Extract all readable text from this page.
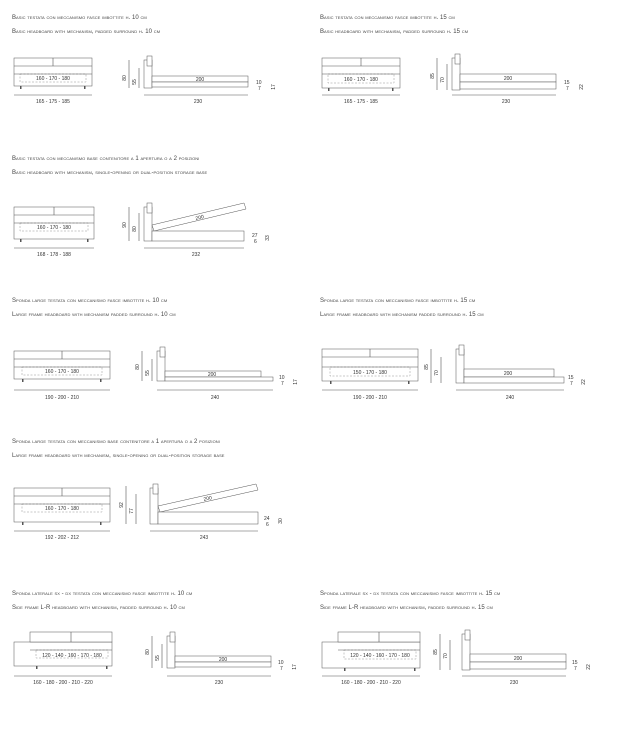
Basic testata con meccanismo fasce imbottite h. 10 cm
Basic headboard with mechanism, padded surround h. 10 cm
160 - 170 - 180
165 - 175 - 185
80
55	200
230
10
7 17
Basic testata con meccanismo fasce imbottite h. 15 cm
Basic headboard with mechanism, padded surround h. 15 cm
160 - 170 - 180
165 - 175 - 185
85
70	200
230
15
7 22
Basic testata con meccanismo base contenitore a 1 apertura o a 2 posizioni
Basic headboard with mechanism, single-opening or dual-position storage base
160 - 170 - 180
168 - 178 - 188
90
80
200
232
27
6
33
Sponda large testata con meccanismo fasce imbottite h. 10 cm
Large frame headboard with mechanism padded surround h. 10 cm
160 - 170 - 180
190 - 200 - 210
80
55	200
240
10
7 17
Sponda large testata con meccanismo fasce imbottite h. 15 cm
Large frame headboard with mechanism padded surround h. 15 cm
150 - 170 - 180
190 - 200 - 210
85
70	200
240
15
7 22
Sponda large testata con meccanismo base contenitore a 1 apertura o a 2 posizioni
Large frame headboard with mechanism, single-opening or dual-position storage base
160 - 170 - 180
192 - 202 - 212
92
77
200
243
24
6
30
Sponda laterale sx - dx testata con meccanismo fasce imbottite h. 10 cm
Side frame L-R headboard with mechanism, padded surround h. 10 cm
120 - 140 - 160 - 170 - 180
160 - 180 - 200 - 210 - 220
80
55	200
230
10
7 17
Sponda laterale sx - dx testata con meccanismo fasce imbottite h. 15 cm
Side frame L-R headboard with mechanism, padded surround h. 15 cm
120 - 140 - 160 - 170 - 180
160 - 180 - 200 - 210 - 220
85
70	200
230
15
7 22
